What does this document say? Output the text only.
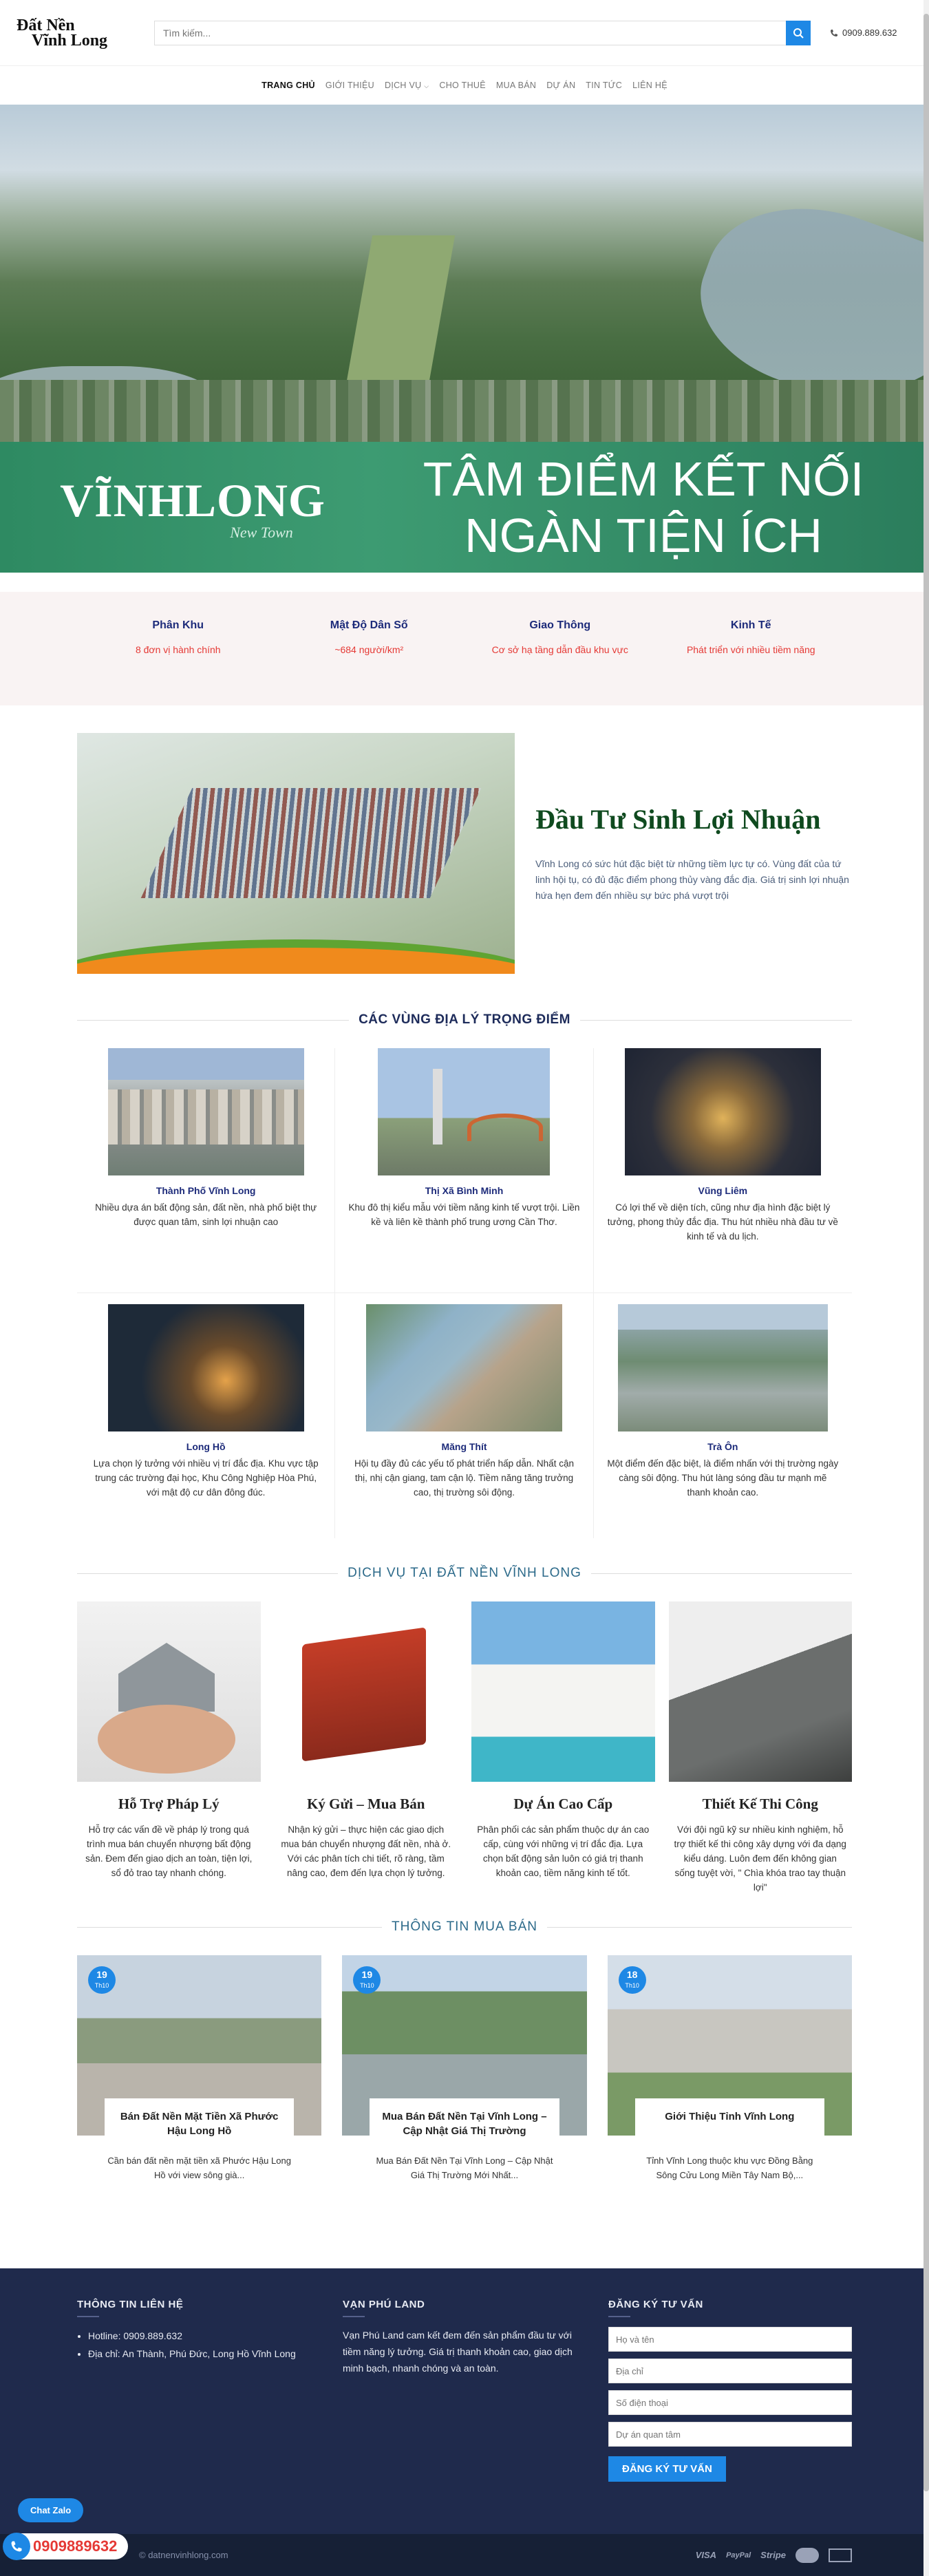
Đất Nền
Vĩnh Long
Tìm kiếm...	0909.889.632
TRANG CHỦ GIỚI THIỆU DỊCH VỤ ⌵ CHO THUÊ MUA BÁN DỰ ÁN TIN TỨC LIÊN HỆ
VĨNHLONG
New Town
TÂM ĐIỂM KẾT NỐI
NGÀN TIỆN ÍCH
Phân Khu
8 đơn vị hành chính
Mật Độ Dân Số
~684 người/km²
Giao Thông
Cơ sở hạ tầng dẫn đầu khu vực
Kinh Tế
Phát triển với nhiều tiềm năng
Đầu Tư Sinh Lợi Nhuận

Vĩnh Long có sức hút đặc biệt từ những tiềm lực tự có. Vùng đất của tứ linh hội tụ, có đủ đặc điểm phong thủy vàng đắc địa. Giá trị sinh lợi nhuận hứa hẹn đem đến nhiều sự bức phá vượt trội

CÁC VÙNG ĐỊA LÝ TRỌNG ĐIỂM
Thành Phố Vĩnh Long
Nhiều dựa án bất động sản, đất nền, nhà phố biệt thự được quan tâm, sinh lợi nhuận cao
Thị Xã Bình Minh
Khu đô thị kiểu mẫu với tiềm năng kinh tế vượt trội. Liền kề và liên kề thành phố trung ương Cần Thơ.
Vũng Liêm
Có lợi thế về diện tích, cũng như địa hình đặc biệt lý tưởng, phong thủy đắc địa. Thu hút nhiều nhà đầu tư về kinh tế và du lịch.
Long Hồ
Lựa chọn lý tưởng với nhiều vị trí đắc địa. Khu vực tập trung các trường đại học, Khu Công Nghiệp Hòa Phú, với mật độ cư dân đông đúc.
Măng Thít
Hội tụ đầy đủ các yếu tố phát triển hấp dẫn. Nhất cận thị, nhị cận giang, tam cận lộ. Tiềm năng tăng trưởng cao, thị trường sôi động.
Trà Ôn
Một điểm đến đặc biệt, là điểm nhấn với thị trường ngày càng sôi động. Thu hút làng sóng đầu tư mạnh mẽ thanh khoản cao.
DỊCH VỤ TẠI ĐẤT NỀN VĨNH LONG
Hỗ Trợ Pháp Lý
Hỗ trợ các vấn đề về pháp lý trong quá trình mua bán chuyển nhượng bất động sản. Đem đến giao dịch an toàn, tiện lợi, sổ đỏ trao tay nhanh chóng.
Ký Gửi – Mua Bán
Nhận ký gửi – thực hiện các giao dịch mua bán chuyển nhượng đất nền, nhà ở. Với các phân tích chi tiết, rõ ràng, tầm nâng cao, đem đến lựa chọn lý tưởng.
Dự Án Cao Cấp
Phân phối các sản phẩm thuộc dự án cao cấp, cùng với những vị trí đắc địa. Lựa chọn bất động sản luôn có giá trị thanh khoản cao, tiềm năng kinh tế tốt.
Thiết Kế Thi Công
Với đội ngũ kỹ sư nhiều kinh nghiệm, hỗ trợ thiết kế thi công xây dựng với đa dạng kiểu dáng. Luôn đem đến không gian sống tuyệt vời, " Chìa khóa trao tay thuận lợi"
THÔNG TIN MUA BÁN
19
Th10
Bán Đất Nền Mặt Tiền Xã Phước Hậu Long Hồ
Cần bán đất nền mặt tiền xã Phước Hậu Long Hồ với view sông già...
19
Th10
Mua Bán Đất Nền Tại Vĩnh Long – Cập Nhật Giá Thị Trường
Mua Bán Đất Nền Tại Vĩnh Long – Cập Nhật Giá Thị Trường Mới Nhất...
18
Th10
Giới Thiệu Tỉnh Vĩnh Long
Tỉnh Vĩnh Long thuộc khu vực Đồng Bằng Sông Cửu Long Miền Tây Nam Bộ,...
THÔNG TIN LIÊN HỆ
• Hotline: 0909.889.632
• Địa chỉ: An Thành, Phú Đức, Long Hồ Vĩnh Long
VẠN PHÚ LAND

Vạn Phú Land cam kết đem đến sản phẩm đầu tư với tiềm năng lý tưởng. Giá trị thanh khoản cao, giao dịch minh bạch, nhanh chóng và an toàn.

ĐĂNG KÝ TƯ VẤN
Họ và tên Địa chỉ Số điện thoại Dự án quan tâm ĐĂNG KÝ TƯ VẤN
© datnenvinhlong.com	VISA PayPal Stripe
Chat Zalo
0909889632
